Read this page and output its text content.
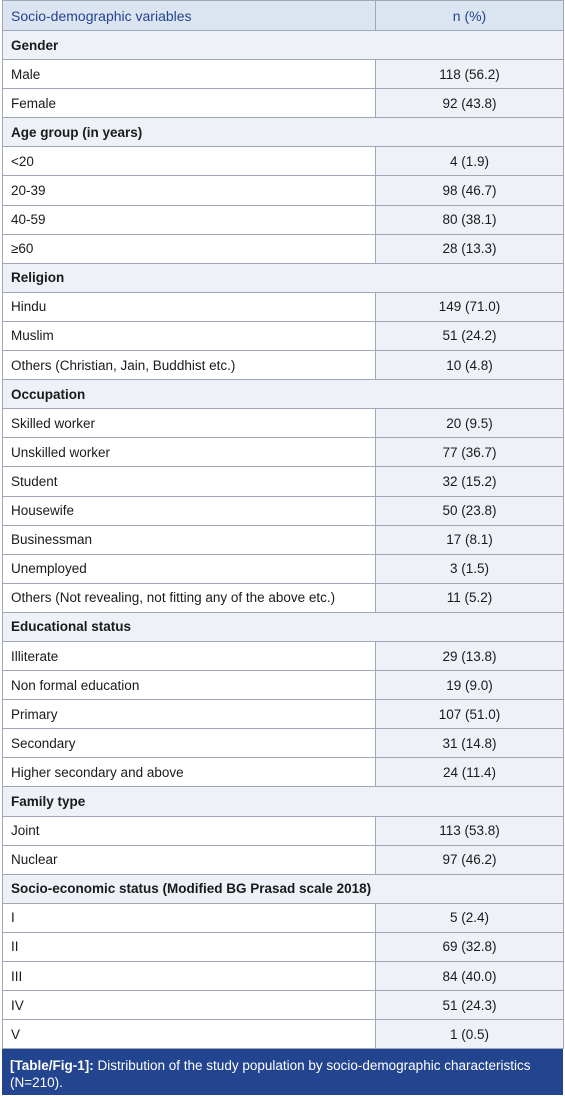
Socio-demographic variables	n (%)
Gender	
Male	118 (56.2)
Female	92 (43.8)
Age group (in years)	
<20	4 (1.9)
20-39	98 (46.7)
40-59	80 (38.1)
≥60	28 (13.3)
Religion	
Hindu	149 (71.0)
Muslim	51 (24.2)
Others (Christian, Jain, Buddhist etc.)	10 (4.8)
Occupation	
Skilled worker	20 (9.5)
Unskilled worker	77 (36.7)
Student	32 (15.2)
Housewife	50 (23.8)
Businessman	17 (8.1)
Unemployed	3 (1.5)
Others (Not revealing, not fitting any of the above etc.)	11 (5.2)
Educational status	
Illiterate	29 (13.8)
Non formal education	19 (9.0)
Primary	107 (51.0)
Secondary	31 (14.8)
Higher secondary and above	24 (11.4)
Family type	
Joint	113 (53.8)
Nuclear	97 (46.2)
Socio-economic status (Modified BG Prasad scale 2018)	
I	5 (2.4)
II	69 (32.8)
III	84 (40.0)
IV	51 (24.3)
V	1 (0.5)
[Table/Fig-1]: Distribution of the study population by socio-demographic characteristics (N=210).
